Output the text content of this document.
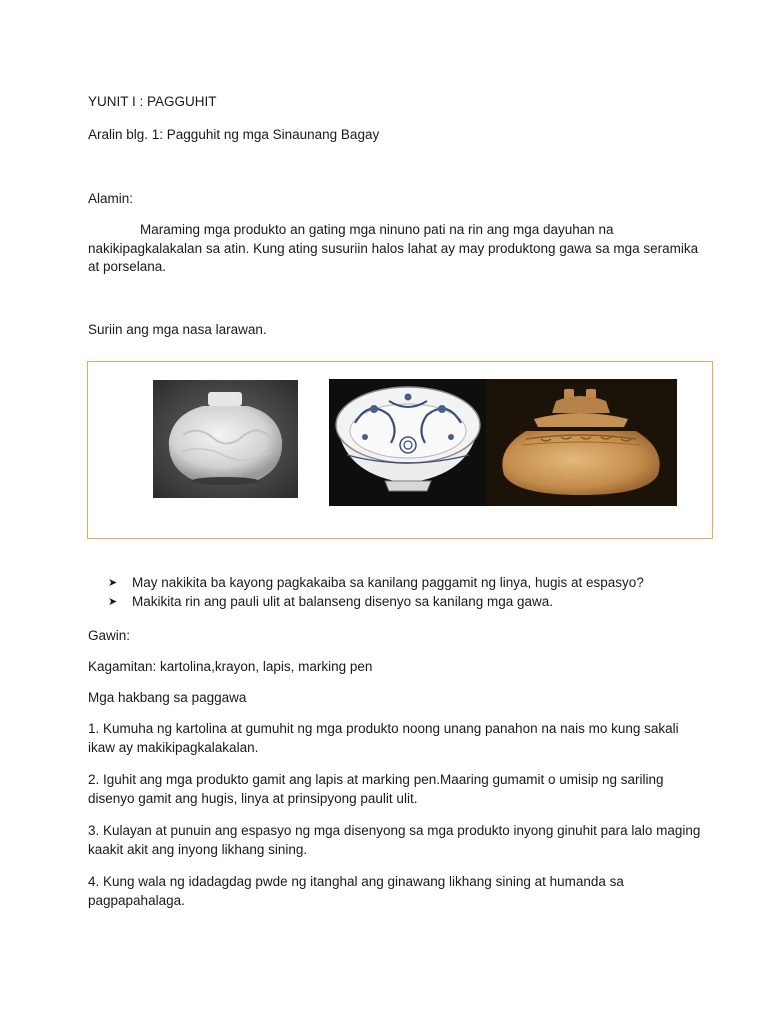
YUNIT I : PAGGUHIT

Aralin blg. 1: Pagguhit ng mga Sinaunang Bagay

Alamin:

Maraming mga produkto an gating mga ninuno pati na rin ang mga dayuhan na nakikipagkalakalan sa atin. Kung ating susuriin halos lahat ay may produktong gawa sa mga seramika at porselana.

Suriin ang mga nasa larawan.

➤ May nakikita ba kayong pagkakaiba sa kanilang paggamit ng linya, hugis at espasyo?
➤ Makikita rin ang pauli ulit at balanseng disenyo sa kanilang mga gawa.

Gawin:

Kagamitan: kartolina,krayon, lapis, marking pen

Mga hakbang sa paggawa

1. Kumuha ng kartolina at gumuhit ng mga produkto noong unang panahon na nais mo kung sakali ikaw ay makikipagkalakalan.

2. Iguhit ang mga produkto gamit ang lapis at marking pen.Maaring gumamit o umisip ng sariling disenyo gamit ang hugis, linya at prinsipyong paulit ulit.

3. Kulayan at punuin ang espasyo ng mga disenyong sa mga produkto inyong ginuhit para lalo maging kaakit akit ang inyong likhang sining.

4. Kung wala ng idadagdag pwde ng itanghal ang ginawang likhang sining at humanda sa pagpapahalaga.
